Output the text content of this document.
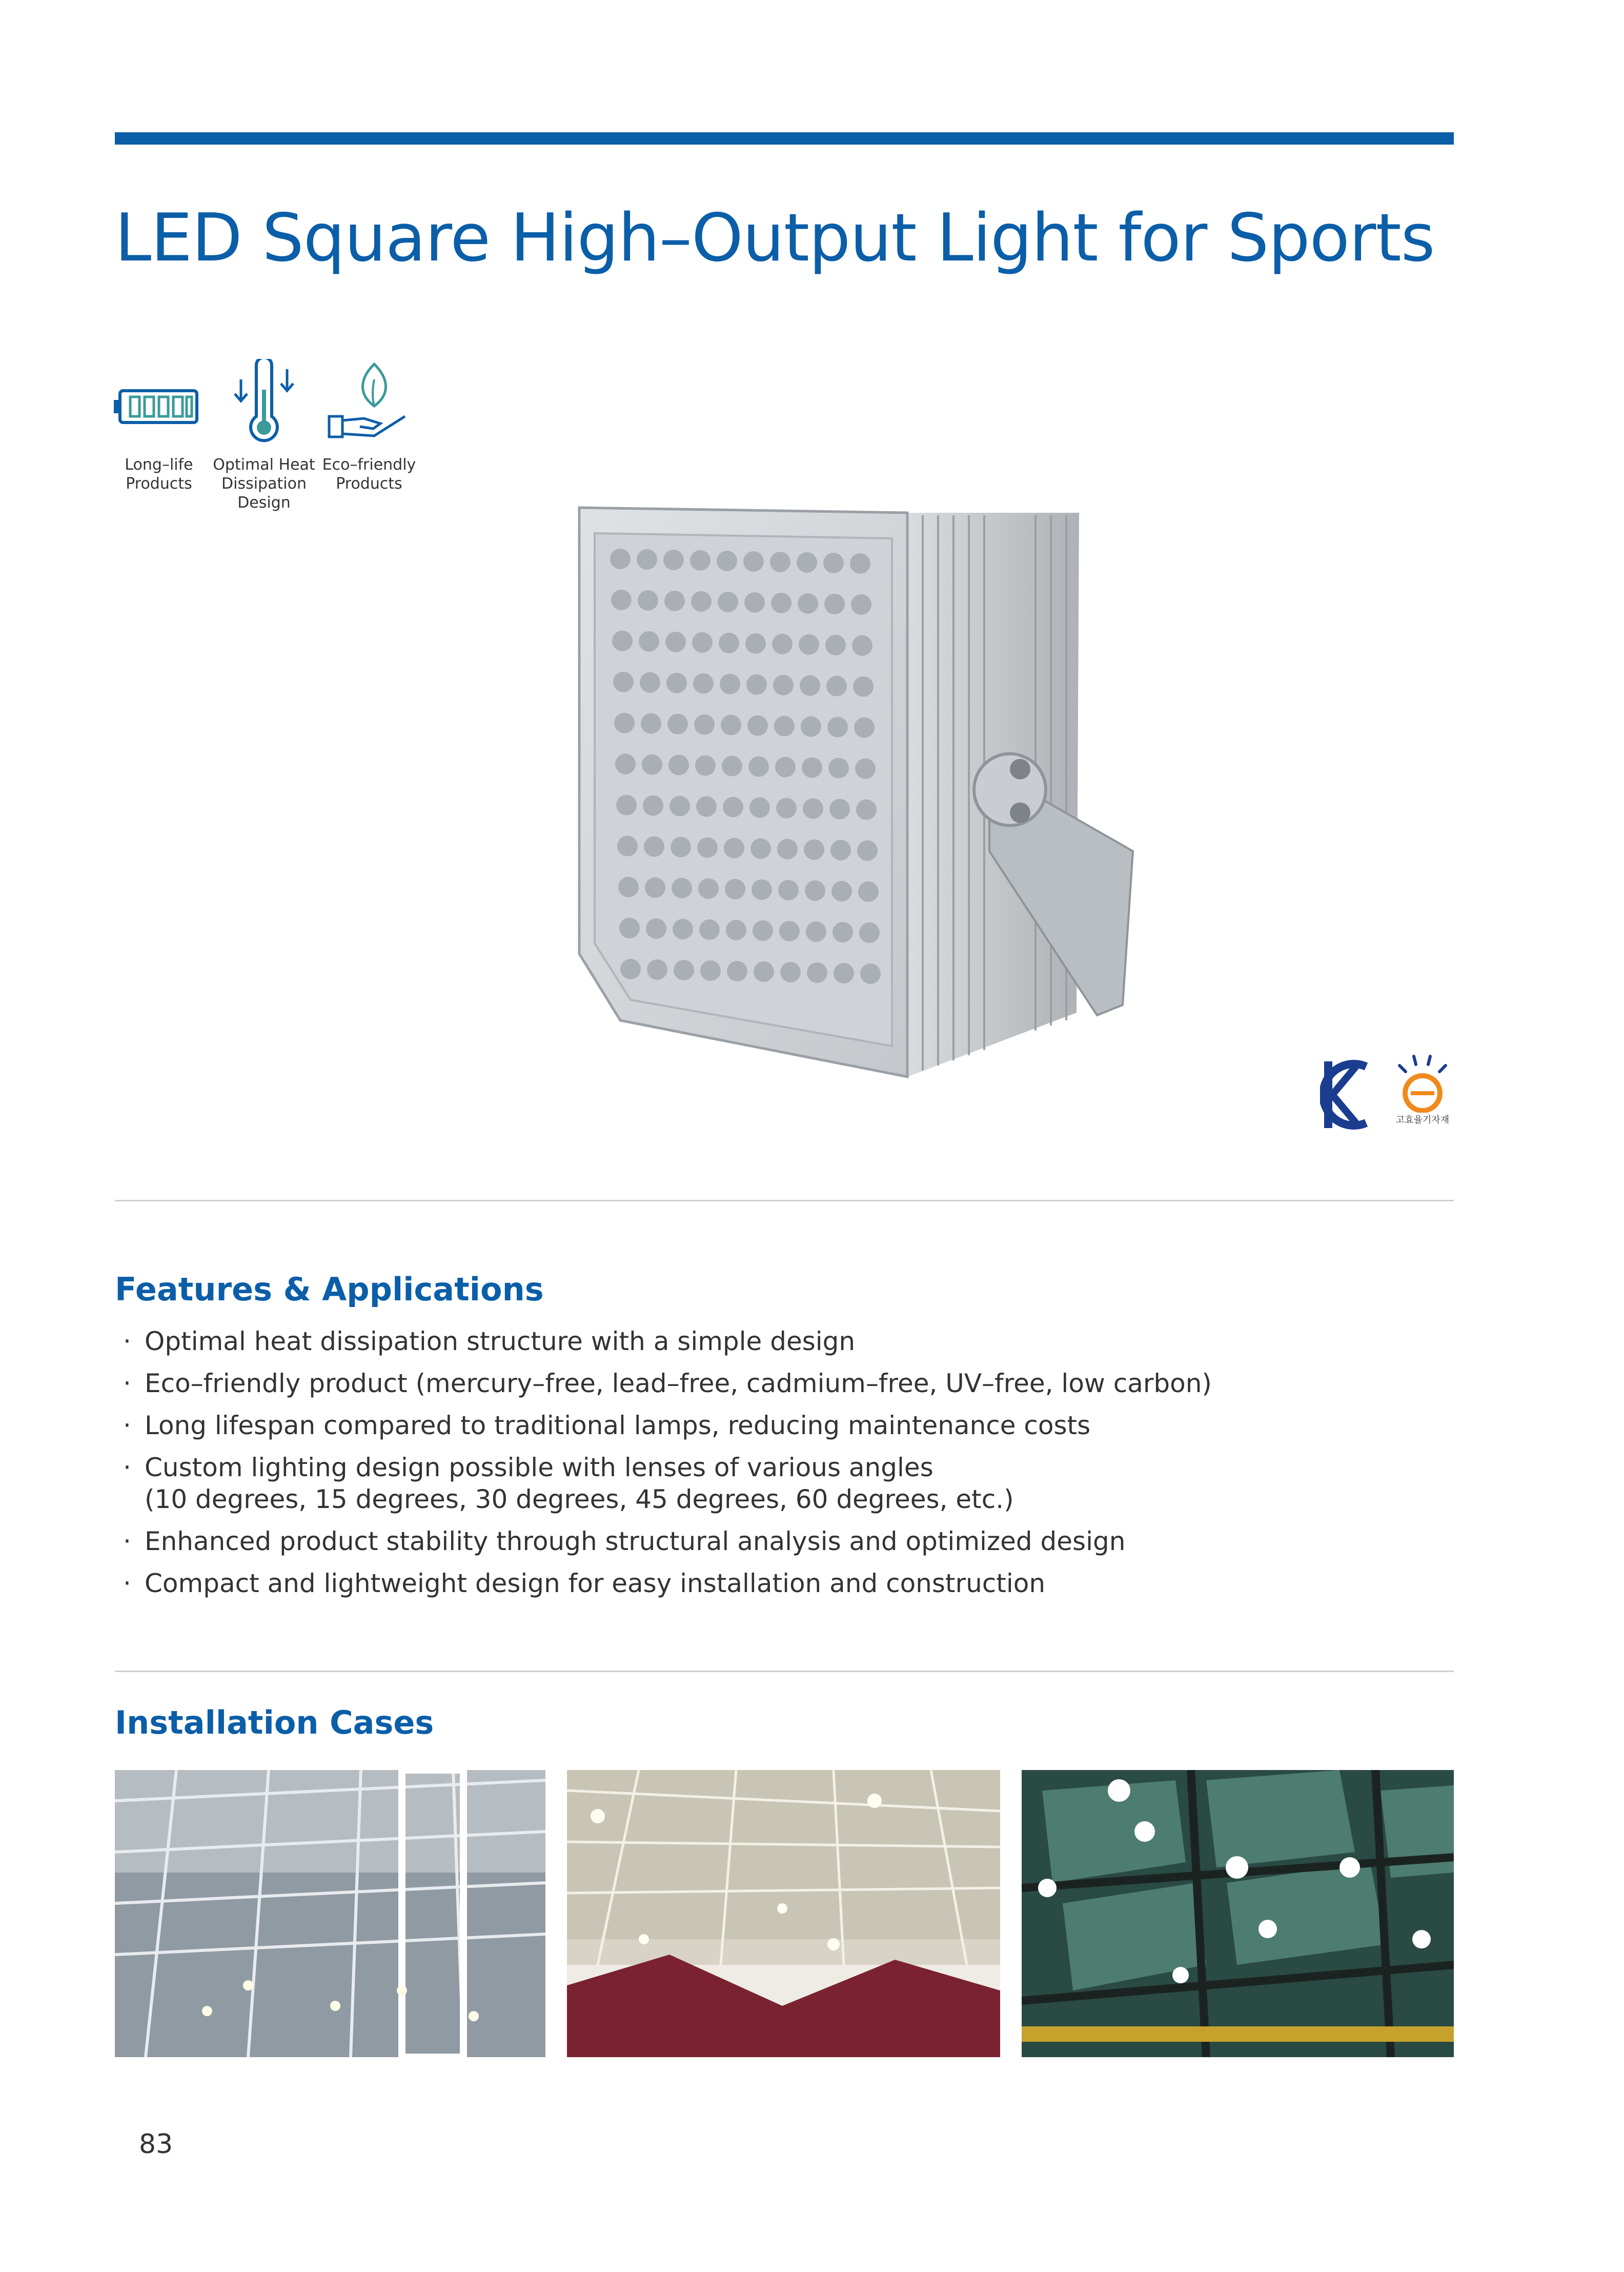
LED Square High–Output Light for Sports
Long–life Products
Optimal Heat Dissipation Design
Eco–friendly Products
고효율기자재
Features & Applications
· Optimal heat dissipation structure with a simple design
· Eco–friendly product (mercury–free, lead–free, cadmium–free, UV–free, low carbon)
· Long lifespan compared to traditional lamps, reducing maintenance costs
· Custom lighting design possible with lenses of various angles
(10 degrees, 15 degrees, 30 degrees, 45 degrees, 60 degrees, etc.)
· Enhanced product stability through structural analysis and optimized design
· Compact and lightweight design for easy installation and construction
Installation Cases
83
